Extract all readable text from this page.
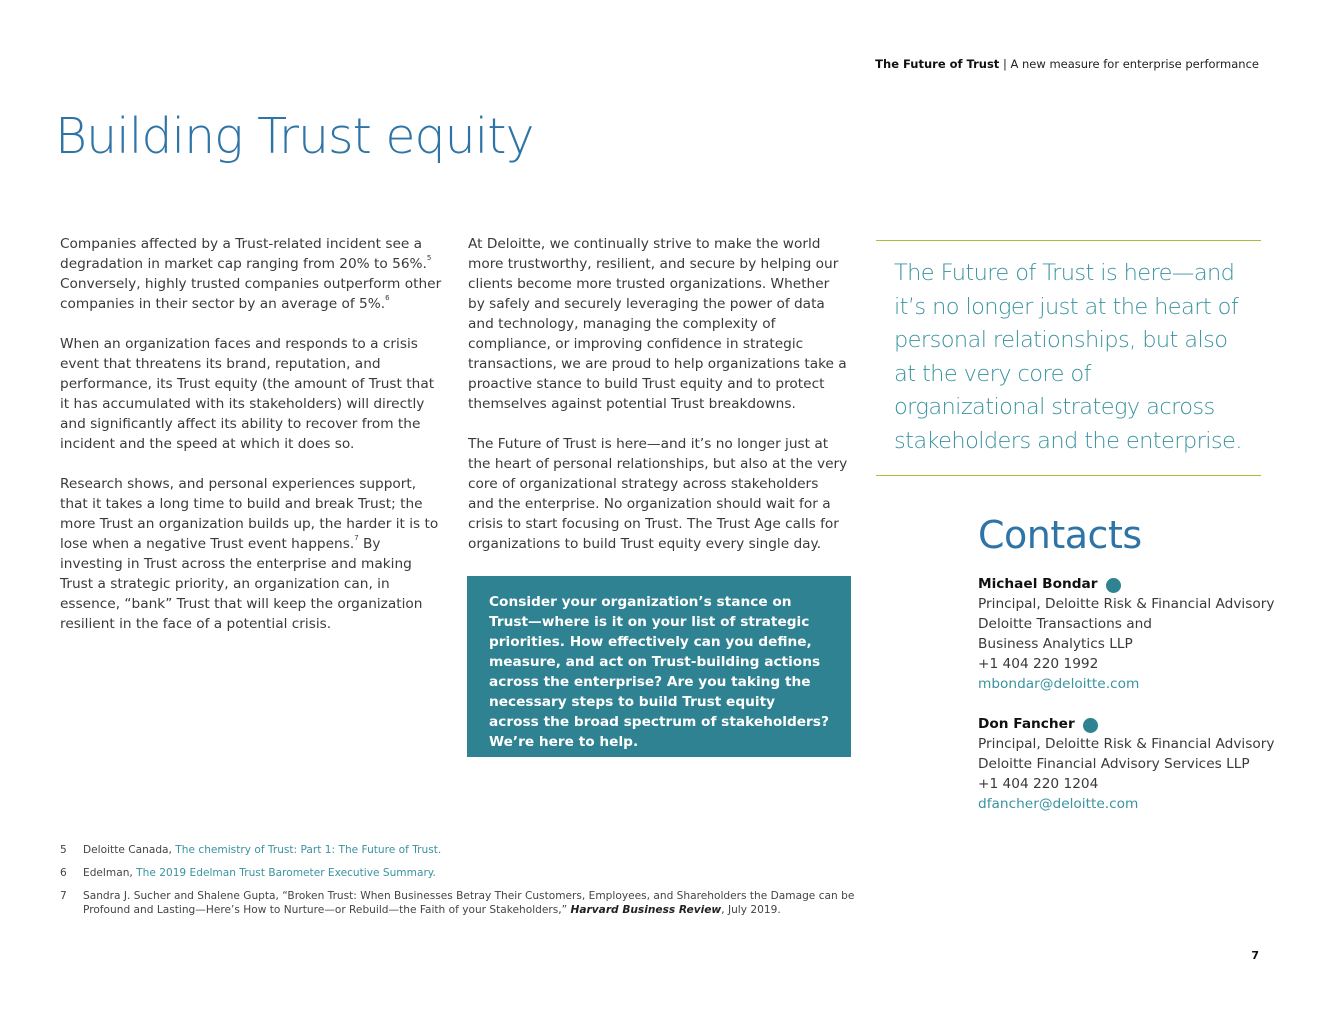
The Future of Trust | A new measure for enterprise performance
Building Trust equity

Companies affected by a Trust-related incident see a degradation in market cap ranging from 20% to 56%.$^5$ Conversely, highly trusted companies outperform other companies in their sector by an average of 5%.$^6$

When an organization faces and responds to a crisis event that threatens its brand, reputation, and performance, its Trust equity (the amount of Trust that it has accumulated with its stakeholders) will directly and significantly affect its ability to recover from the incident and the speed at which it does so.

Research shows, and personal experiences support, that it takes a long time to build and break Trust; the more Trust an organization builds up, the harder it is to lose when a negative Trust event happens.$^7$ By investing in Trust across the enterprise and making Trust a strategic priority, an organization can, in essence, “bank” Trust that will keep the organization resilient in the face of a potential crisis.

At Deloitte, we continually strive to make the world more trustworthy, resilient, and secure by helping our clients become more trusted organizations. Whether by safely and securely leveraging the power of data and technology, managing the complexity of compliance, or improving confidence in strategic transactions, we are proud to help organizations take a proactive stance to build Trust equity and to protect themselves against potential Trust breakdowns.

The Future of Trust is here—and it’s no longer just at the heart of personal relationships, but also at the very core of organizational strategy across stakeholders and the enterprise. No organization should wait for a crisis to start focusing on Trust. The Trust Age calls for organizations to build Trust equity every single day.

Consider your organization’s stance on Trust—where is it on your list of strategic priorities. How effectively can you define, measure, and act on Trust-building actions across the enterprise? Are you taking the necessary steps to build Trust equity across the broad spectrum of stakeholders? We’re here to help.
The Future of Trust is here—and it’s no longer just at the heart of personal relationships, but also at the very core of organizational strategy across stakeholders and the enterprise.
Contacts
Michael Bondar
Principal, Deloitte Risk & Financial Advisory
Deloitte Transactions and
Business Analytics LLP
+1 404 220 1992
mbondar@deloitte.com
Don Fancher
Principal, Deloitte Risk & Financial Advisory
Deloitte Financial Advisory Services LLP
+1 404 220 1204
dfancher@deloitte.com
5	Deloitte Canada, The chemistry of Trust: Part 1: The Future of Trust.
6	Edelman, The 2019 Edelman Trust Barometer Executive Summary.
7	Sandra J. Sucher and Shalene Gupta, “Broken Trust: When Businesses Betray Their Customers, Employees, and Shareholders the Damage can be Profound and Lasting—Here’s How to Nurture—or Rebuild—the Faith of your Stakeholders,” Harvard Business Review, July 2019.
7
